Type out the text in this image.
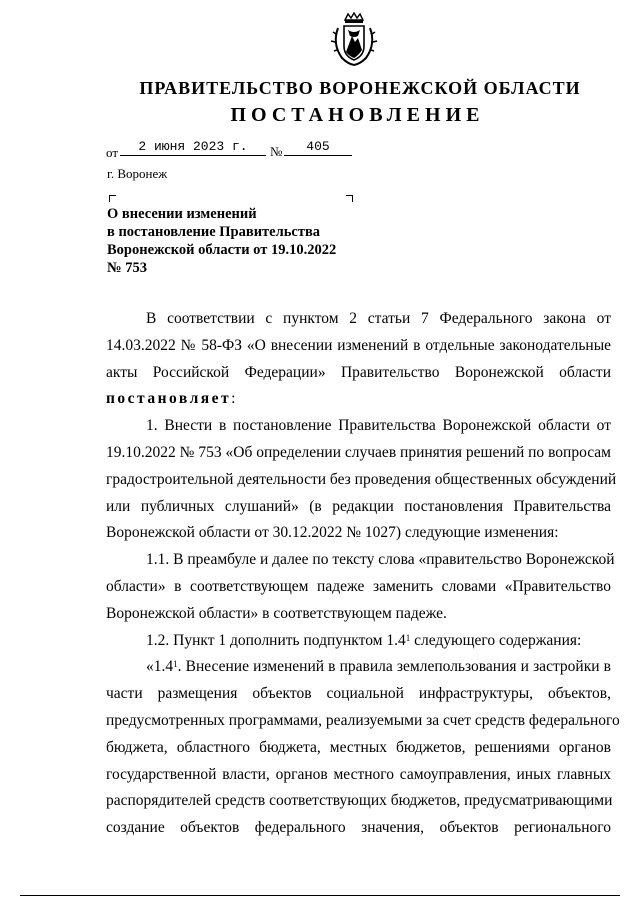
ПРАВИТЕЛЬСТВО ВОРОНЕЖСКОЙ ОБЛАСТИ
ПОСТАНОВЛЕНИЕ
от	2 июня 2023 г.	№	405
г. Воронеж
О внесении изменений
в постановление Правительства
Воронежской области от 19.10.2022
№ 753
В соответствии с пунктом 2 статьи 7 Федерального закона от
14.03.2022 № 58-ФЗ «О внесении изменений в отдельные законодательные
акты Российской Федерации» Правительство Воронежской области
постановляет:
1. Внести в постановление Правительства Воронежской области от
19.10.2022 № 753 «Об определении случаев принятия решений по вопросам
градостроительной деятельности без проведения общественных обсуждений
или публичных слушаний» (в редакции постановления Правительства
Воронежской области от 30.12.2022 № 1027) следующие изменения:
1.1. В преамбуле и далее по тексту слова «правительство Воронежской
области» в соответствующем падеже заменить словами «Правительство
Воронежской области» в соответствующем падеже.
1.2. Пункт 1 дополнить подпунктом $1.4^1$ следующего содержания:
«$1.4^1$. Внесение изменений в правила землепользования и застройки в
части размещения объектов социальной инфраструктуры, объектов,
предусмотренных программами, реализуемыми за счет средств федерального
бюджета, областного бюджета, местных бюджетов, решениями органов
государственной власти, органов местного самоуправления, иных главных
распорядителей средств соответствующих бюджетов, предусматривающими
создание объектов федерального значения, объектов регионального
